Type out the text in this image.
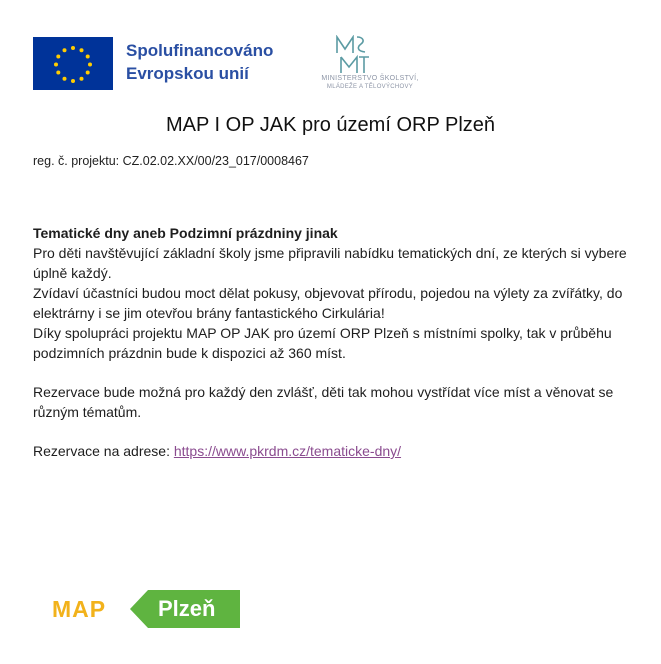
Spolufinancováno
Evropskou unií	MINISTERSTVO ŠKOLSTVÍ,
MLÁDEŽE A TĚLOVÝCHOVY
MAP I OP JAK pro území ORP Plzeň
reg. č. projektu: CZ.02.02.XX/00/23_017/0008467

Tematické dny aneb Podzimní prázdniny jinak

Pro děti navštěvující základní školy jsme připravili nabídku tematických dní, ze kterých si vybere úplně každý.

Zvídaví účastníci budou moct dělat pokusy, objevovat přírodu, pojedou na výlety za zvířátky, do elektrárny i se jim otevřou brány fantastického Cirkulária!

Díky spolupráci projektu MAP OP JAK pro území ORP Plzeň s místními spolky, tak v průběhu podzimních prázdnin bude k dispozici až 360 míst.

Rezervace bude možná pro každý den zvlášť, děti tak mohou vystřídat více míst a věnovat se různým tématům.

Rezervace na adrese: https://www.pkrdm.cz/tematicke-dny/

MAP Plzeň
